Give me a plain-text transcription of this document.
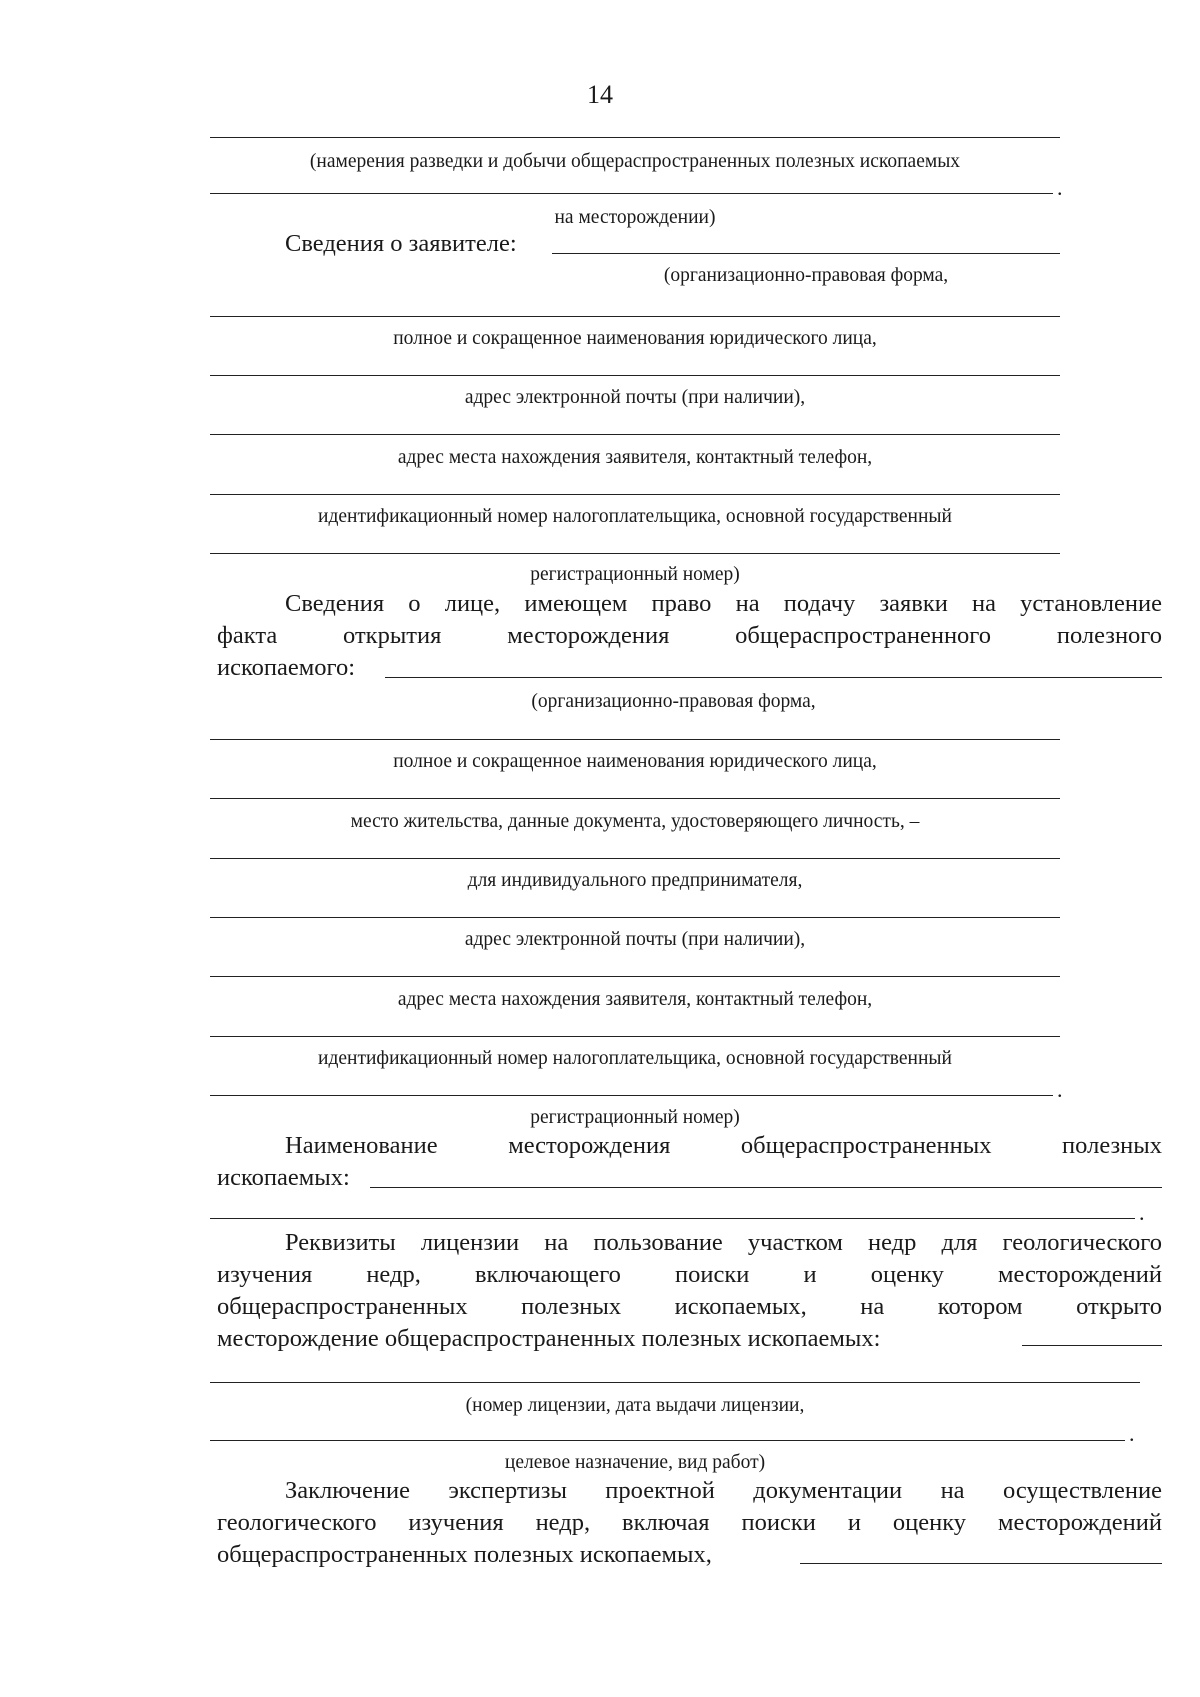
14
(намерения разведки и добычи общераспространенных полезных ископаемых
.
на месторождении)
Сведения о заявителе:
(организационно-правовая форма,
полное и сокращенное наименования юридического лица,
адрес электронной почты (при наличии),
адрес места нахождения заявителя, контактный телефон,
идентификационный номер налогоплательщика, основной государственный
регистрационный номер)
Сведения о лице, имеющем право на подачу заявки на установление
факта открытия месторождения общераспространенного полезного
ископаемого:
(организационно-правовая форма,
полное и сокращенное наименования юридического лица,
место жительства, данные документа, удостоверяющего личность, –
для индивидуального предпринимателя,
адрес электронной почты (при наличии),
адрес места нахождения заявителя, контактный телефон,
идентификационный номер налогоплательщика, основной государственный
.
регистрационный номер)
Наименование месторождения общераспространенных полезных
ископаемых:
.
Реквизиты лицензии на пользование участком недр для геологического
изучения недр, включающего поиски и оценку месторождений
общераспространенных полезных ископаемых, на котором открыто
месторождение общераспространенных полезных ископаемых:
(номер лицензии, дата выдачи лицензии,
.
целевое назначение, вид работ)
Заключение экспертизы проектной документации на осуществление
геологического изучения недр, включая поиски и оценку месторождений
общераспространенных полезных ископаемых,
